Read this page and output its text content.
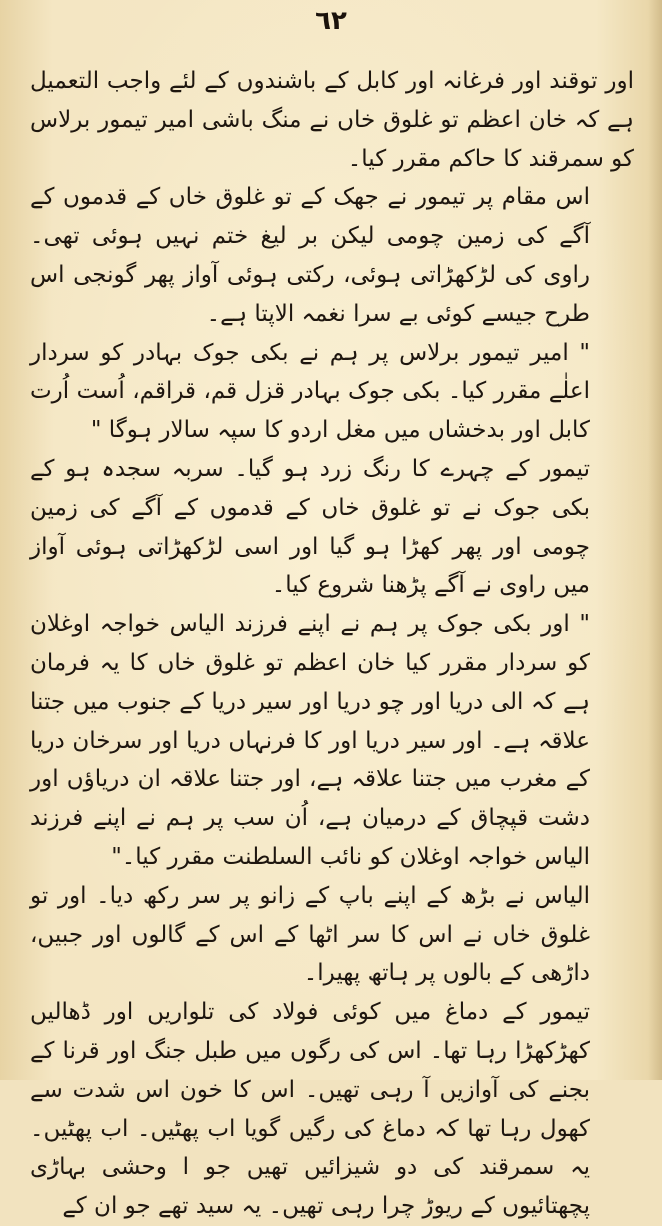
٦٢

اور توقند اور فرغانہ اور کابل کے باشندوں کے لئے واجب التعمیل ہے کہ خان اعظم تو غلوق خاں نے منگ باشی امیر تیمور برلاس کو سمرقند کا حاکم مقرر کیا۔

اس مقام پر تیمور نے جھک کے تو غلوق خاں کے قدموں کے آگے کی زمین چومی لیکن بر لیغ ختم نہیں ہوئی تھی۔ راوی کی لڑکھڑاتی ہوئی، رکتی ہوئی آواز پھر گونجی اس طرح جیسے کوئی بے سرا نغمہ الاپتا ہے۔

" امیر تیمور برلاس پر ہم نے بکی جوک بہادر کو سردار اعلٰے مقرر کیا۔ بکی جوک بہادر قزل قم، قراقم، اُست اُرت کابل اور بدخشاں میں مغل اردو کا سپہ سالار ہوگا "

تیمور کے چہرے کا رنگ زرد ہو گیا۔ سربہ سجدہ ہو کے بکی جوک نے تو غلوق خاں کے قدموں کے آگے کی زمین چومی اور پھر کھڑا ہو گیا اور اسی لڑکھڑاتی ہوئی آواز میں راوی نے آگے پڑھنا شروع کیا۔

" اور بکی جوک پر ہم نے اپنے فرزند الیاس خواجہ اوغلان کو سردار مقرر کیا خان اعظم تو غلوق خاں کا یہ فرمان ہے کہ الی دریا اور چو دریا اور سیر دریا کے جنوب میں جتنا علاقہ ہے۔ اور سیر دریا اور کا فرنہاں دریا اور سرخان دریا کے مغرب میں جتنا علاقہ ہے، اور جتنا علاقہ ان دریاؤں اور دشت قپچاق کے درمیان ہے، اُن سب پر ہم نے اپنے فرزند الیاس خواجہ اوغلان کو نائب السلطنت مقرر کیا۔"

الیاس نے بڑھ کے اپنے باپ کے زانو پر سر رکھ دیا۔ اور تو غلوق خاں نے اس کا سر اٹھا کے اس کے گالوں اور جبیں، داڑھی کے بالوں پر ہاتھ پھیرا۔

تیمور کے دماغ میں کوئی فولاد کی تلواریں اور ڈھالیں کھڑکھڑا رہا تھا۔ اس کی رگوں میں طبل جنگ اور قرنا کے بجنے کی آوازیں آ رہی تھیں۔ اس کا خون اس شدت سے کھول رہا تھا کہ دماغ کی رگیں گویا اب پھٹیں۔ اب پھٹیں۔ یہ سمرقند کی دو شیزائیں تھیں جو ا وحشی بہاڑی پچھتائیوں کے ریوڑ چرا رہی تھیں۔ یہ سید تھے جو ان کے
